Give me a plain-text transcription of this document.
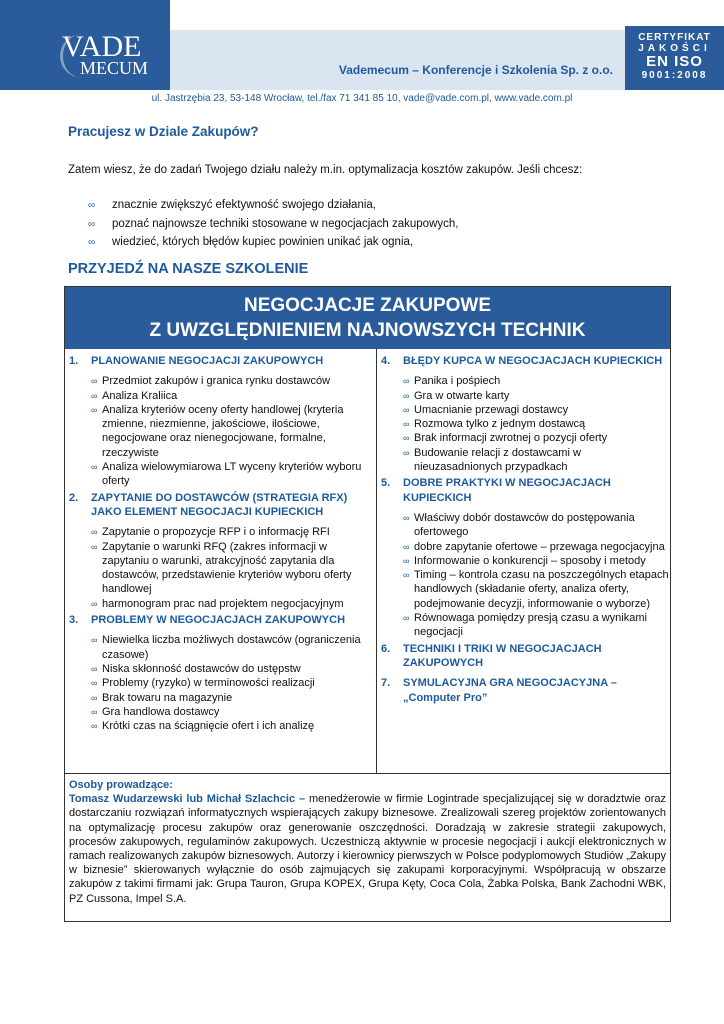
VADE
MECUM	Vademecum – Konferencje i Szkolenia Sp. z o.o.
CERTYFIKAT
JAKOŚCI
EN ISO
9001:2008
ul. Jastrzębia 23, 53-148 Wrocław, tel./fax 71 341 85 10, vade@vade.com.pl, www.vade.com.pl
Pracujesz w Dziale Zakupów?
Zatem wiesz, że do zadań Twojego działu należy m.in. optymalizacja kosztów zakupów. Jeśli chcesz:
∞ znacznie zwiększyć efektywność swojego działania,
∞ poznać najnowsze techniki stosowane w negocjacjach zakupowych,
∞ wiedzieć, których błędów kupiec powinien unikać jak ognia,
PRZYJEDŹ NA NASZE SZKOLENIE
NEGOCJACJE ZAKUPOWE
Z UWZGLĘDNIENIEM NAJNOWSZYCH TECHNIK
1.	PLANOWANIE NEGOCJACJI ZAKUPOWYCH
∞ Przedmiot zakupów i granica rynku dostawców
∞ Analiza Kraliica
∞ Analiza kryteriów oceny oferty handlowej (kryteria zmienne, niezmienne, jakościowe, ilościowe, negocjowane oraz nienegocjowane, formalne, rzeczywiste
∞ Analiza wielowymiarowa LT wyceny kryteriów wyboru oferty
2.	ZAPYTANIE DO DOSTAWCÓW (STRATEGIA RFX) JAKO ELEMENT NEGOCJACJI KUPIECKICH
∞ Zapytanie o propozycje RFP i o informację RFI
∞ Zapytanie o warunki RFQ (zakres informacji w zapytaniu o warunki, atrakcyjność zapytania dla dostawców, przedstawienie kryteriów wyboru oferty handlowej
∞ harmonogram prac nad projektem negocjacyjnym
3.	PROBLEMY W NEGOCJACJACH ZAKUPOWYCH
∞ Niewielka liczba możliwych dostawców (ograniczenia czasowe)
∞ Niska skłonność dostawców do ustępstw
∞ Problemy (ryzyko) w terminowości realizacji
∞ Brak towaru na magazynie
∞ Gra handlowa dostawcy
∞ Krótki czas na ściągnięcie ofert i ich analizę
4.	BŁĘDY KUPCA W NEGOCJACJACH KUPIECKICH
∞ Panika i pośpiech
∞ Gra w otwarte karty
∞ Umacnianie przewagi dostawcy
∞ Rozmowa tylko z jednym dostawcą
∞ Brak informacji zwrotnej o pozycji oferty
∞ Budowanie relacji z dostawcami w nieuzasadnionych przypadkach
5.	DOBRE PRAKTYKI W NEGOCJACJACH KUPIECKICH
∞ Właściwy dobór dostawców do postępowania ofertowego
∞ dobre zapytanie ofertowe – przewaga negocjacyjna
∞ Informowanie o konkurencji – sposoby i metody
∞ Timing – kontrola czasu na poszczególnych etapach handlowych (składanie oferty, analiza oferty, podejmowanie decyzji, informowanie o wyborze)
∞ Równowaga pomiędzy presją czasu a wynikami negocjacji
6.	TECHNIKI I TRIKI W NEGOCJACJACH ZAKUPOWYCH
7.	SYMULACYJNA GRA NEGOCJACYJNA – „Computer Pro”
Osoby prowadzące:
Tomasz Wudarzewski lub Michał Szlachcic – menedżerowie w firmie Logintrade specjalizującej się w doradztwie oraz dostarczaniu rozwiązań informatycznych wspierających zakupy biznesowe. Zrealizowali szereg projektów zorientowanych na optymalizację procesu zakupów oraz generowanie oszczędności. Doradzają w zakresie strategii zakupowych, procesów zakupowych, regulaminów zakupowych. Uczestniczą aktywnie w procesie negocjacji i aukcji elektronicznych w ramach realizowanych zakupów biznesowych. Autorzy i kierownicy pierwszych w Polsce podyplomowych Studiów „Zakupy w biznesie” skierowanych wyłącznie do osób zajmujących się zakupami korporacyjnymi. Współpracują w obszarze zakupów z takimi firmami jak: Grupa Tauron, Grupa KOPEX, Grupa Kęty, Coca Cola, Żabka Polska, Bank Zachodni WBK, PZ Cussona, Impel S.A.
